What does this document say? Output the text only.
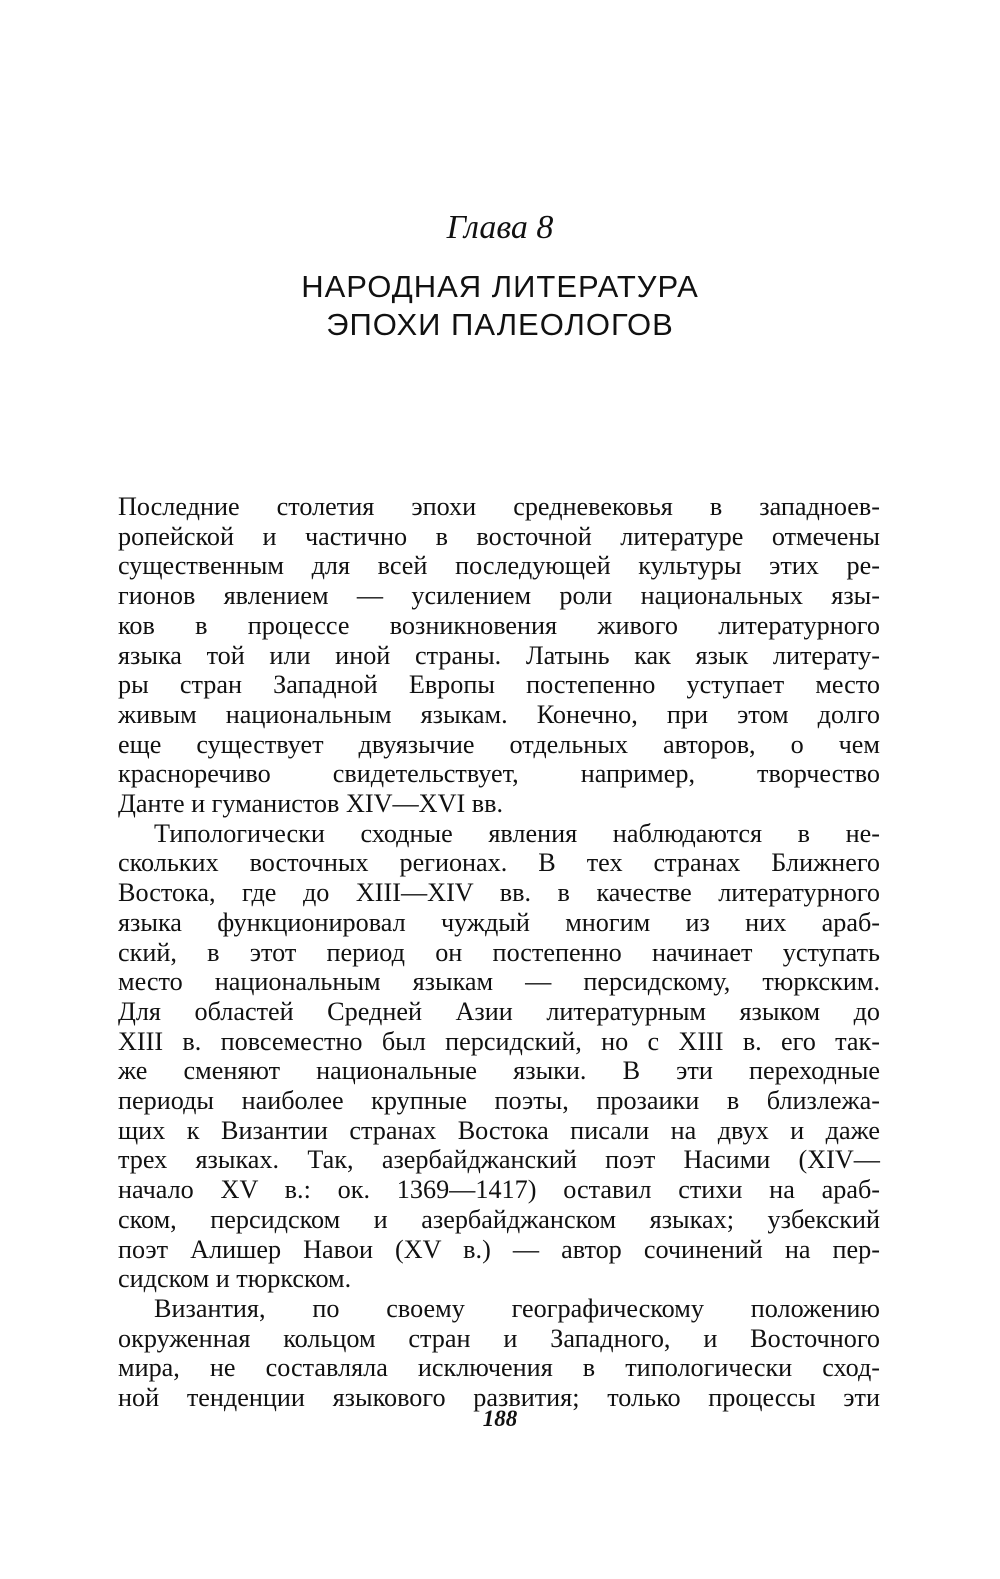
Глава 8
НАРОДНАЯ ЛИТЕРАТУРА
ЭПОХИ ПАЛЕОЛОГОВ
Последние столетия эпохи средневековья в западноев-
ропейской и частично в восточной литературе отмечены
существенным для всей последующей культуры этих ре-
гионов явлением — усилением роли национальных язы-
ков в процессе возникновения живого литературного
языка той или иной страны. Латынь как язык литерату-
ры стран Западной Европы постепенно уступает место
живым национальным языкам. Конечно, при этом долго
еще существует двуязычие отдельных авторов, о чем
красноречиво свидетельствует, например, творчество
Данте и гуманистов XIV—XVI вв.
Типологически сходные явления наблюдаются в не-
скольких восточных регионах. В тех странах Ближнего
Востока, где до XIII—XIV вв. в качестве литературного
языка функционировал чуждый многим из них араб-
ский, в этот период он постепенно начинает уступать
место национальным языкам — персидскому, тюркским.
Для областей Средней Азии литературным языком до
XIII в. повсеместно был персидский, но с XIII в. его так-
же сменяют национальные языки. В эти переходные
периоды наиболее крупные поэты, прозаики в близлежа-
щих к Византии странах Востока писали на двух и даже
трех языках. Так, азербайджанский поэт Насими (XIV—
начало XV в.: ок. 1369—1417) оставил стихи на араб-
ском, персидском и азербайджанском языках; узбекский
поэт Алишер Навои (XV в.) — автор сочинений на пер-
сидском и тюркском.
Византия, по своему географическому положению
окруженная кольцом стран и Западного, и Восточного
мира, не составляла исключения в типологически сход-
ной тенденции языкового развития; только процессы эти
188
